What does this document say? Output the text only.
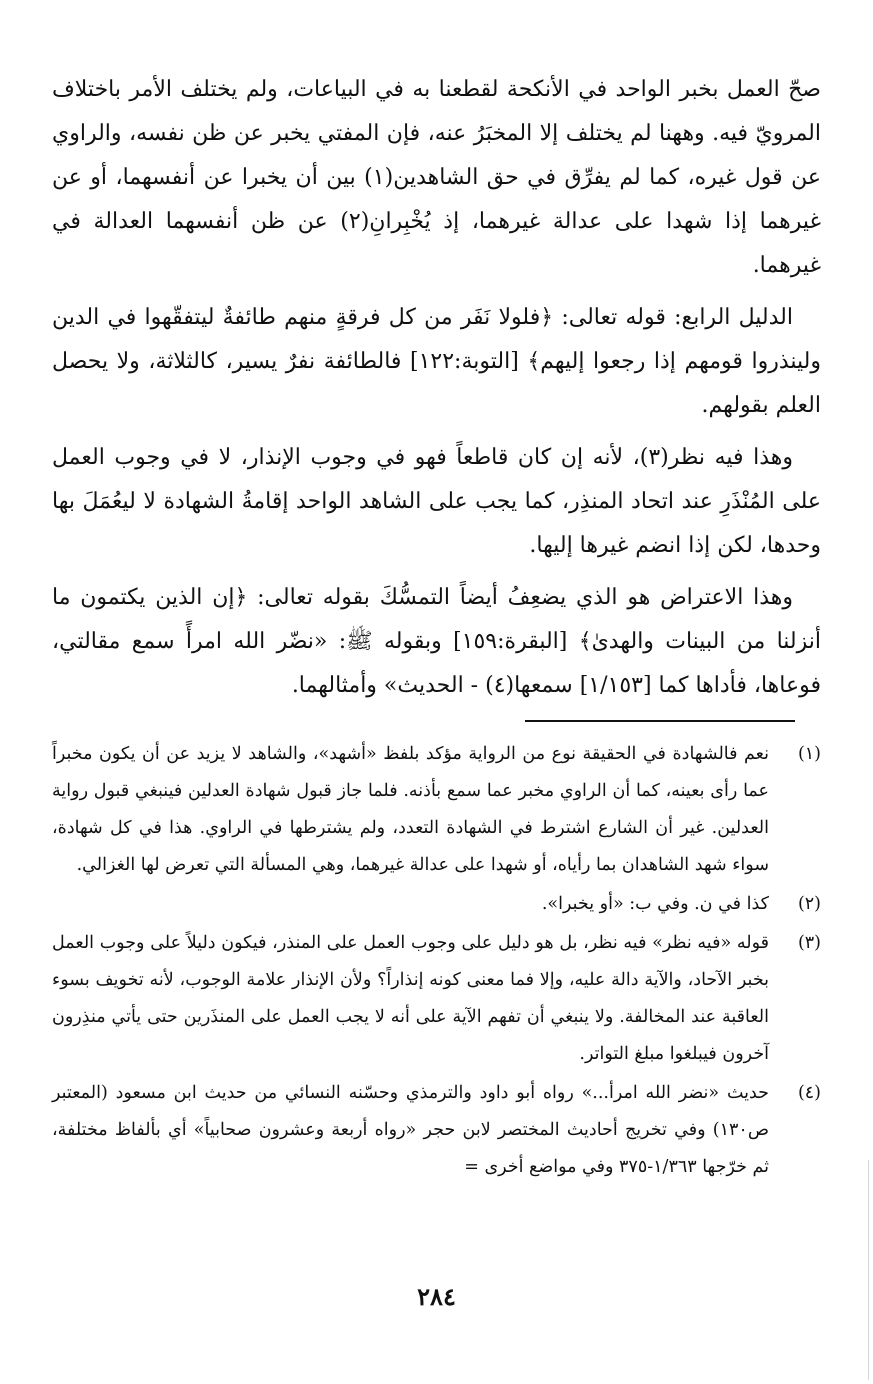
صحّ العمل بخبر الواحد في الأنكحة لقطعنا به في البياعات، ولم يختلف الأمر باختلاف المرويّ فيه. وههنا لم يختلف إلا المخبَرُ عنه، فإن المفتي يخبر عن ظن نفسه، والراوي عن قول غيره، كما لم يفرِّق في حق الشاهدين(١) بين أن يخبرا عن أنفسهما، أو عن غيرهما إذا شهدا على عدالة غيرهما، إذ يُخْبِرانِ(٢) عن ظن أنفسهما العدالة في غيرهما.

الدليل الرابع: قوله تعالى: ﴿فلولا نَفَر من كل فرقةٍ منهم طائفةٌ ليتفقّهوا في الدين ولينذروا قومهم إذا رجعوا إليهم﴾ [التوبة:١٢٢] فالطائفة نفرٌ يسير، كالثلاثة، ولا يحصل العلم بقولهم.

وهذا فيه نظر(٣)، لأنه إن كان قاطعاً فهو في وجوب الإنذار، لا في وجوب العمل على المُنْذَرِ عند اتحاد المنذِر، كما يجب على الشاهد الواحد إقامةُ الشهادة لا ليعُمَلَ بها وحدها، لكن إذا انضم غيرها إليها.

وهذا الاعتراض هو الذي يضعِفُ أيضاً التمسُّكَ بقوله تعالى: ﴿إن الذين يكتمون ما أنزلنا من البينات والهدىٰ﴾ [البقرة:١٥٩] وبقوله ﷺ: «نضّر الله امرأً سمع مقالتي، فوعاها، فأداها كما [١/١٥٣] سمعها(٤) - الحديث» وأمثالهما.

(١)
نعم فالشهادة في الحقيقة نوع من الرواية مؤكد بلفظ «أشهد»، والشاهد لا يزيد عن أن يكون مخبراً عما رأى بعينه، كما أن الراوي مخبر عما سمع بأذنه. فلما جاز قبول شهادة العدلين فينبغي قبول رواية العدلين. غير أن الشارع اشترط في الشهادة التعدد، ولم يشترطها في الراوي. هذا في كل شهادة، سواء شهد الشاهدان بما رأياه، أو شهدا على عدالة غيرهما، وهي المسألة التي تعرض لها الغزالي.
(٢)
كذا في ن. وفي ب: «أو يخبرا».
(٣)
قوله «فيه نظر» فيه نظر، بل هو دليل على وجوب العمل على المنذر، فيكون دليلاً على وجوب العمل بخبر الآحاد، والآية دالة عليه، وإلا فما معنى كونه إنذاراً؟ ولأن الإنذار علامة الوجوب، لأنه تخويف بسوء العاقبة عند المخالفة. ولا ينبغي أن تفهم الآية على أنه لا يجب العمل على المنذَرين حتى يأتي منذِرون آخرون فيبلغوا مبلغ التواتر.
(٤)
حديث «نضر الله امرأ...» رواه أبو داود والترمذي وحسّنه النسائي من حديث ابن مسعود (المعتبر ص١٣٠) وفي تخريج أحاديث المختصر لابن حجر «رواه أربعة وعشرون صحابياً» أي بألفاظ مختلفة، ثم خرّجها ١/٣٦٣-٣٧٥ وفي مواضع أخرى =
٢٨٤
